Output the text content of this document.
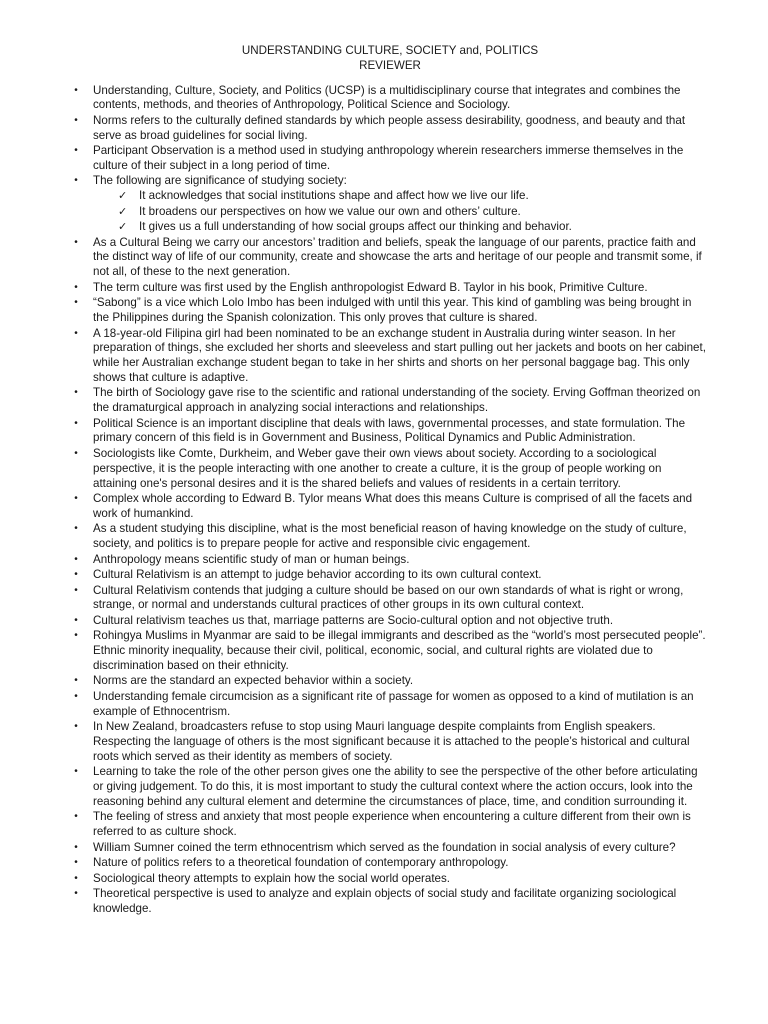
UNDERSTANDING CULTURE, SOCIETY and, POLITICS
REVIEWER
• Understanding, Culture, Society, and Politics (UCSP) is a multidisciplinary course that integrates and combines the contents, methods, and theories of Anthropology, Political Science and Sociology.
• Norms refers to the culturally defined standards by which people assess desirability, goodness, and beauty and that serve as broad guidelines for social living.
• Participant Observation is a method used in studying anthropology wherein researchers immerse themselves in the culture of their subject in a long period of time.
• The following are significance of studying society:
✓ It acknowledges that social institutions shape and affect how we live our life.
✓ It broadens our perspectives on how we value our own and others’ culture.
✓ It gives us a full understanding of how social groups affect our thinking and behavior.
• As a Cultural Being we carry our ancestors’ tradition and beliefs, speak the language of our parents, practice faith and the distinct way of life of our community, create and showcase the arts and heritage of our people and transmit some, if not all, of these to the next generation.
• The term culture was first used by the English anthropologist Edward B. Taylor in his book, Primitive Culture.
• “Sabong” is a vice which Lolo Imbo has been indulged with until this year. This kind of gambling was being brought in the Philippines during the Spanish colonization. This only proves that culture is shared.
• A 18-year-old Filipina girl had been nominated to be an exchange student in Australia during winter season. In her preparation of things, she excluded her shorts and sleeveless and start pulling out her jackets and boots on her cabinet, while her Australian exchange student began to take in her shirts and shorts on her personal baggage bag. This only shows that culture is adaptive.
• The birth of Sociology gave rise to the scientific and rational understanding of the society. Erving Goffman theorized on the dramaturgical approach in analyzing social interactions and relationships.
• Political Science is an important discipline that deals with laws, governmental processes, and state formulation. The primary concern of this field is in Government and Business, Political Dynamics and Public Administration.
• Sociologists like Comte, Durkheim, and Weber gave their own views about society. According to a sociological perspective, it is the people interacting with one another to create a culture, it is the group of people working on attaining one's personal desires and it is the shared beliefs and values of residents in a certain territory.
• Complex whole according to Edward B. Tylor means What does this means Culture is comprised of all the facets and work of humankind.
• As a student studying this discipline, what is the most beneficial reason of having knowledge on the study of culture, society, and politics is to prepare people for active and responsible civic engagement.
• Anthropology means scientific study of man or human beings.
• Cultural Relativism is an attempt to judge behavior according to its own cultural context.
• Cultural Relativism contends that judging a culture should be based on our own standards of what is right or wrong, strange, or normal and understands cultural practices of other groups in its own cultural context.
• Cultural relativism teaches us that, marriage patterns are Socio-cultural option and not objective truth.
• Rohingya Muslims in Myanmar are said to be illegal immigrants and described as the “world’s most persecuted people”. Ethnic minority inequality, because their civil, political, economic, social, and cultural rights are violated due to discrimination based on their ethnicity.
• Norms are the standard an expected behavior within a society.
• Understanding female circumcision as a significant rite of passage for women as opposed to a kind of mutilation is an example of Ethnocentrism.
• In New Zealand, broadcasters refuse to stop using Mauri language despite complaints from English speakers. Respecting the language of others is the most significant because it is attached to the people’s historical and cultural roots which served as their identity as members of society.
• Learning to take the role of the other person gives one the ability to see the perspective of the other before articulating or giving judgement. To do this, it is most important to study the cultural context where the action occurs, look into the reasoning behind any cultural element and determine the circumstances of place, time, and condition surrounding it.
• The feeling of stress and anxiety that most people experience when encountering a culture different from their own is referred to as culture shock.
• William Sumner coined the term ethnocentrism which served as the foundation in social analysis of every culture?
• Nature of politics refers to a theoretical foundation of contemporary anthropology.
• Sociological theory attempts to explain how the social world operates.
• Theoretical perspective is used to analyze and explain objects of social study and facilitate organizing sociological knowledge.
